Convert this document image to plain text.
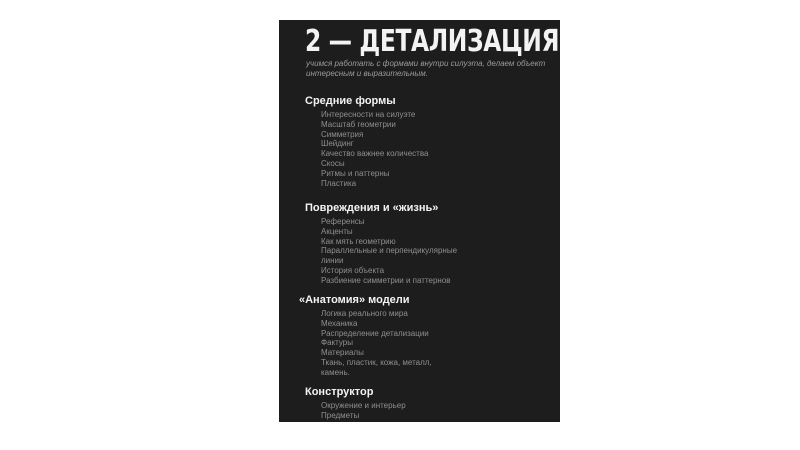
2 — ДЕТАЛИЗАЦИЯ

учимся работать с формами внутри силуэта, делаем объект интересным и выразительным.

Средние формы
Интересности на силуэте
Масштаб геометрии
Симметрия
Шейдинг
Качество важнее количества
Скосы
Ритмы и паттерны
Пластика
Повреждения и «жизнь»
Референсы
Акценты
Как мять геометрию
Параллельные и перпендикулярные
линии
История объекта
Разбиение симметрии и паттернов
«Анатомия» модели
Логика реального мира
Механика
Распределение детализации
Фактуры
Материалы
Ткань, пластик, кожа, металл,
камень.
Конструктор
Окружение и интерьер
Предметы
